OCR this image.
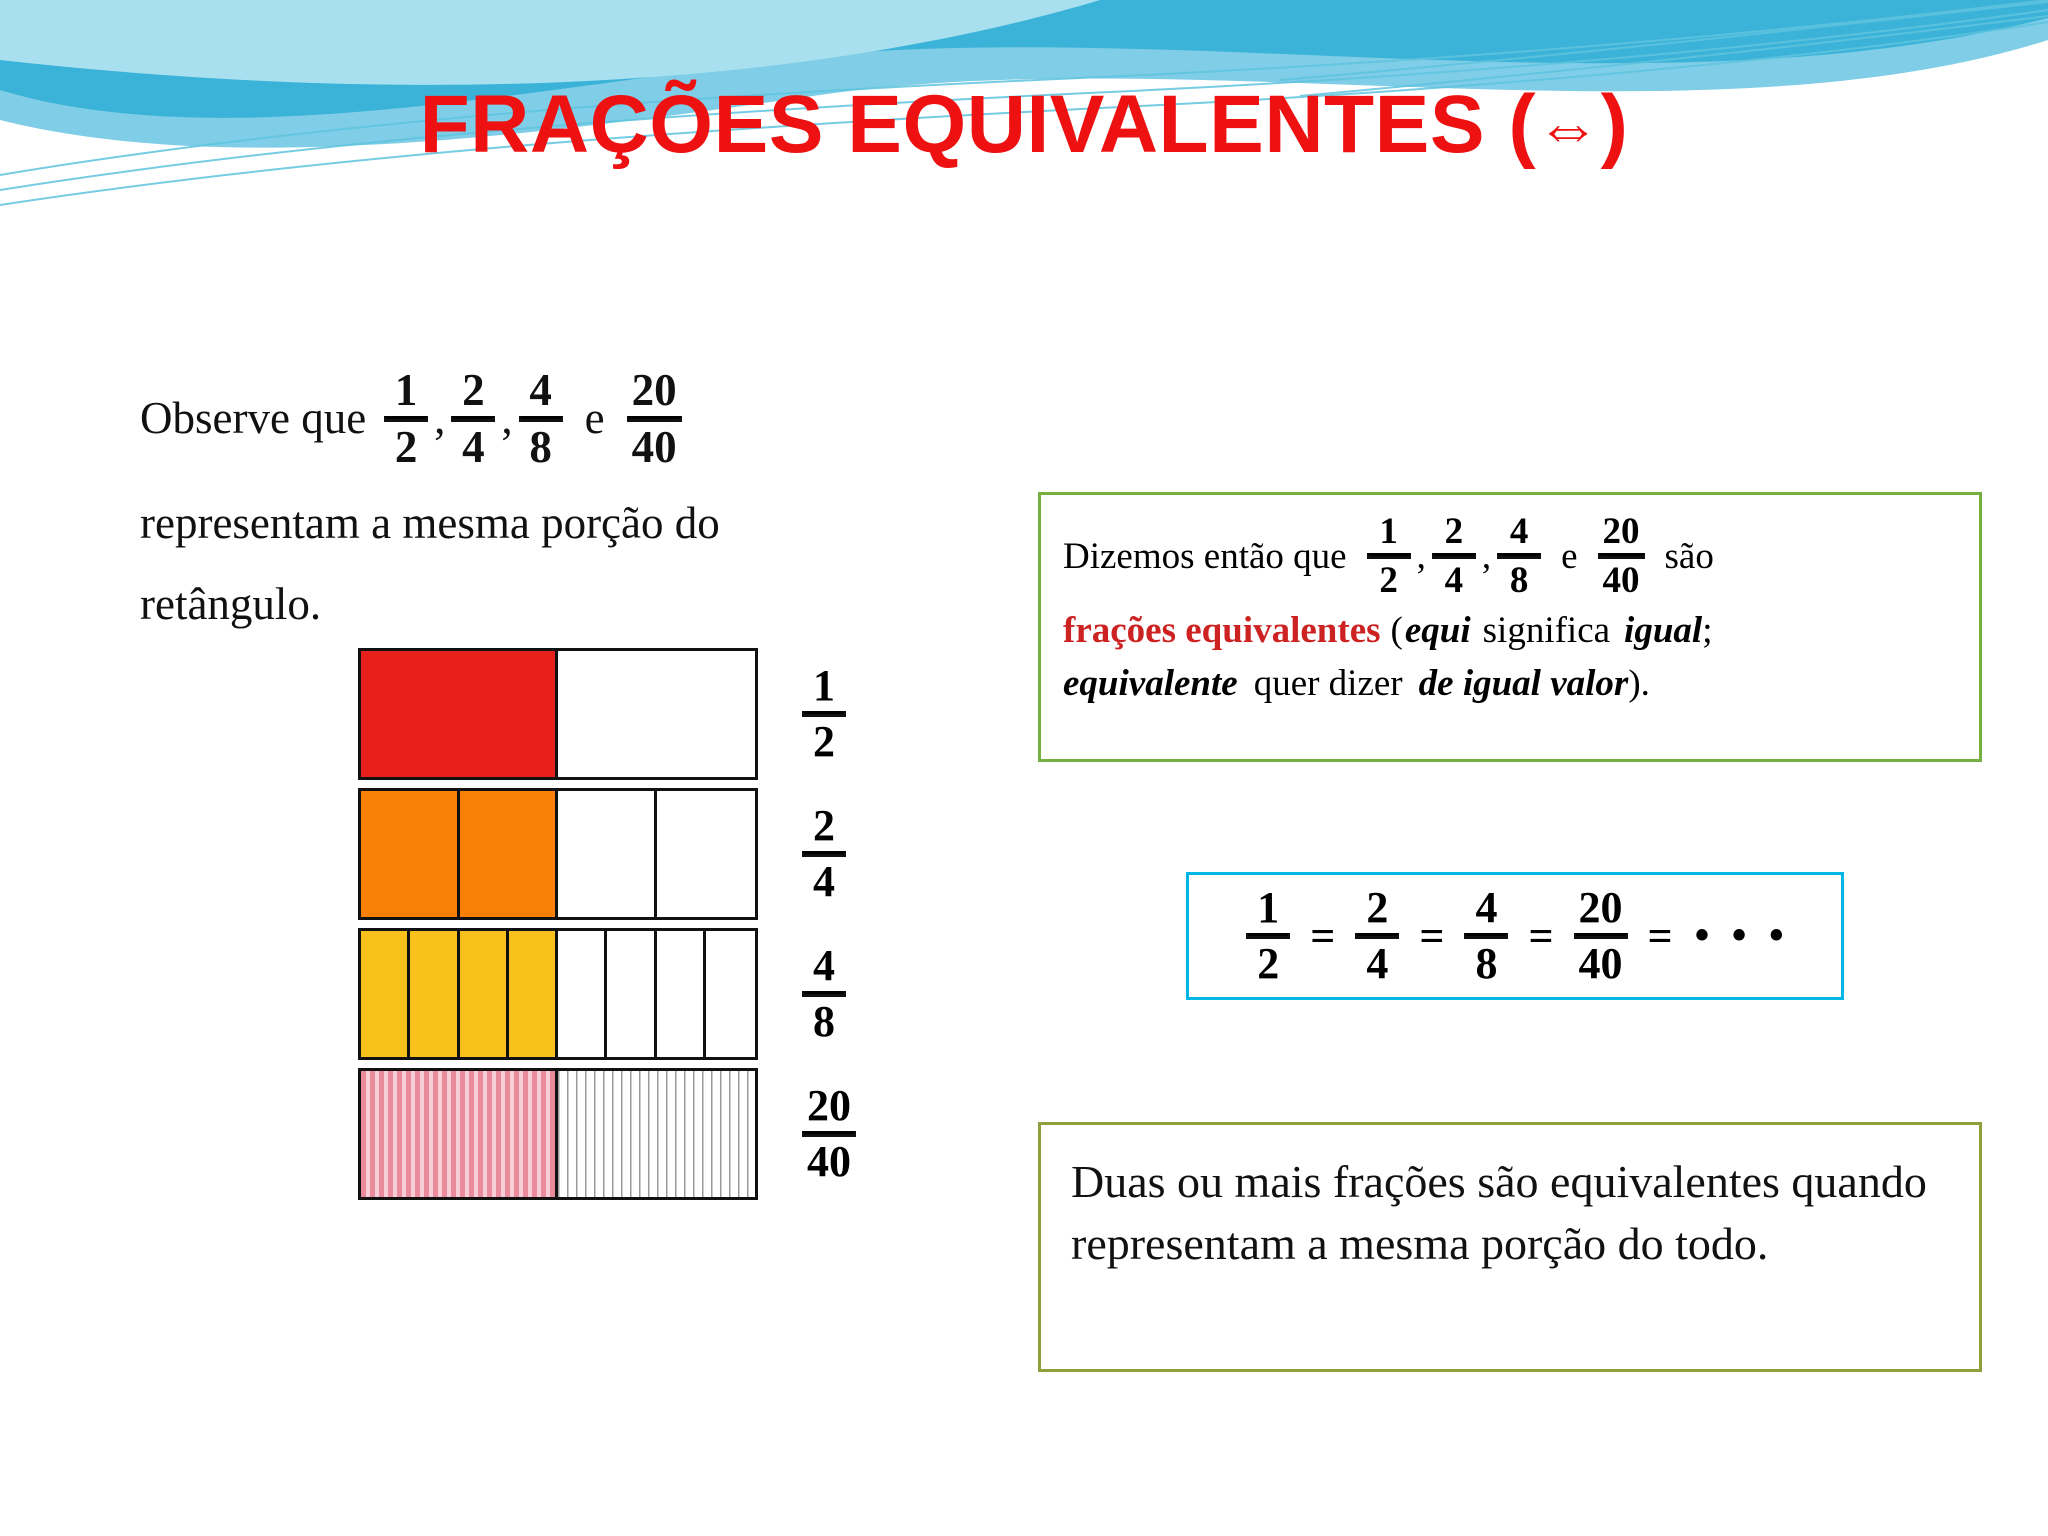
FRAÇÕES EQUIVALENTES (⇔)
Observe que
1
2
,
2
4
,
4
8
e
20
40
representam a mesma porção do
retângulo.
1
2
2
4
4
8
20
40
Dizemos então que
1
2
,
2
4
,
4
8
e
20
40
são
frações equivalentes ( equi significa igual ;
equivalente quer dizer de igual valor ).
1
2
=
2
4
=
4
8
=
20
40
= • • •
Duas ou mais frações são equivalentes quando representam a mesma porção do todo.
